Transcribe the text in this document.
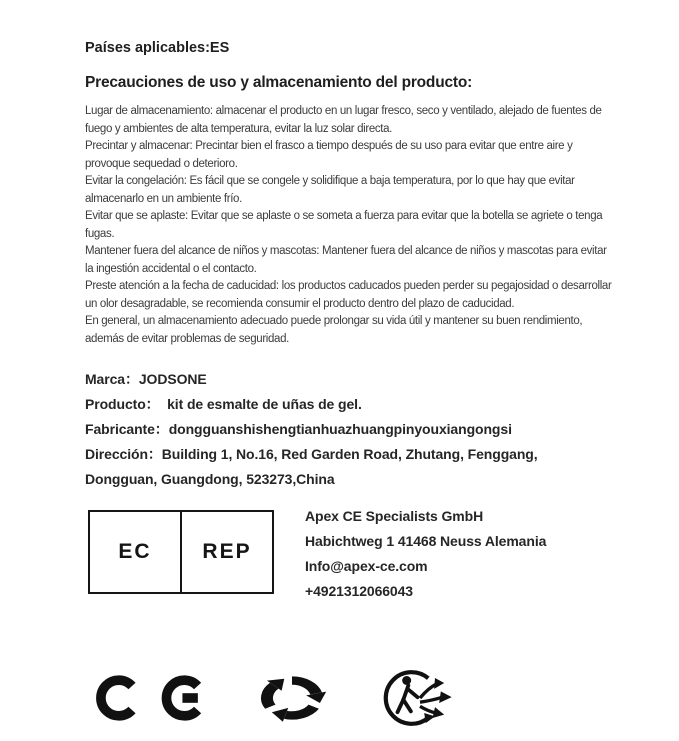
Países aplicables:ES
Precauciones de uso y almacenamiento del producto:
Lugar de almacenamiento: almacenar el producto en un lugar fresco, seco y ventilado, alejado de fuentes de
fuego y ambientes de alta temperatura, evitar la luz solar directa.
Precintar y almacenar: Precintar bien el frasco a tiempo después de su uso para evitar que entre aire y
provoque sequedad o deterioro.
Evitar la congelación: Es fácil que se congele y solidifique a baja temperatura, por lo que hay que evitar
almacenarlo en un ambiente frío.
Evitar que se aplaste: Evitar que se aplaste o se someta a fuerza para evitar que la botella se agriete o tenga
fugas.
Mantener fuera del alcance de niños y mascotas: Mantener fuera del alcance de niños y mascotas para evitar
la ingestión accidental o el contacto.
Preste atención a la fecha de caducidad: los productos caducados pueden perder su pegajosidad o desarrollar
un olor desagradable, se recomienda consumir el producto dentro del plazo de caducidad.
En general, un almacenamiento adecuado puede prolongar su vida útil y mantener su buen rendimiento,
además de evitar problemas de seguridad.
Marca：JODSONE
Producto：  kit de esmalte de uñas de gel.
Fabricante：dongguanshishengtianhuazhuangpinyouxiangongsi
Dirección：Building 1, No.16, Red Garden Road, Zhutang, Fenggang,
Dongguan, Guangdong, 523273,China
EC	REP
Apex CE Specialists GmbH
Habichtweg 1 41468 Neuss Alemania
Info@apex-ce.com
+4921312066043
